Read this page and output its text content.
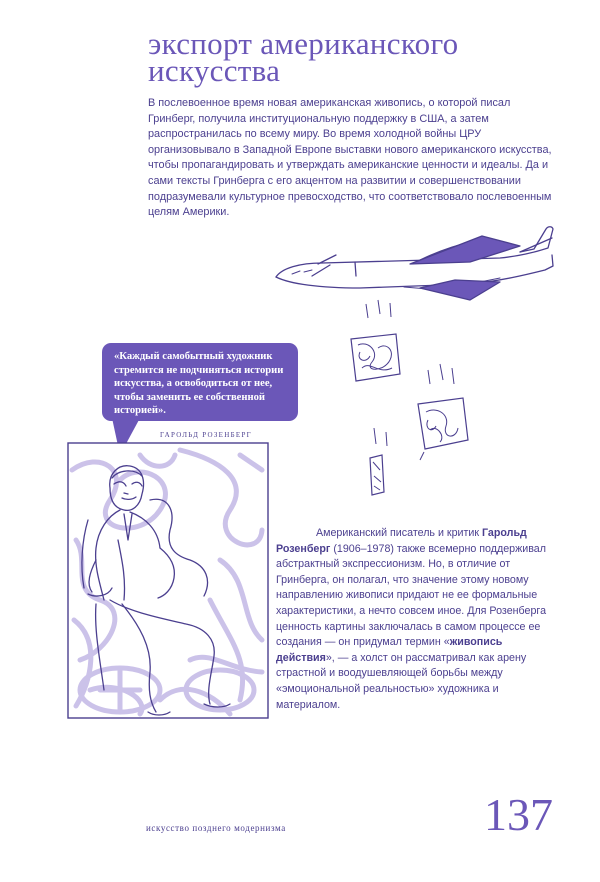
экспорт американского
искусства

В послевоенное время новая американская живопись, о которой писал Гринберг, получила институциональную поддержку в США, а затем распространилась по всему миру. Во время холодной войны ЦРУ организовывало в Западной Европе выставки нового американского искусства, чтобы пропагандировать и утверждать американские ценности и идеалы. Да и сами тексты Гринберга с его акцентом на развитии и совершенствовании подразумевали культурное превосходство, что соответствовало послевоенным целям Америки.

«Каждый самобытный художник стремится не подчиняться истории искусства, а освободиться от нее, чтобы заменить ее собственной историей».
ГАРОЛЬД РОЗЕНБЕРГ

Американский писатель и критик Гарольд Розенберг (1906–1978) также всемерно поддерживал абстрактный экспрессионизм. Но, в отличие от Гринберга, он полагал, что значение этому новому направлению живописи придают не ее формальные характеристики, а нечто совсем иное. Для Розенберга ценность картины заключалась в самом процессе ее создания — он придумал термин «живопись действия», — а холст он рассматривал как арену страстной и воодушевляющей борьбы между «эмоциональной реальностью» художника и материалом.

искусство позднего модернизма	137
